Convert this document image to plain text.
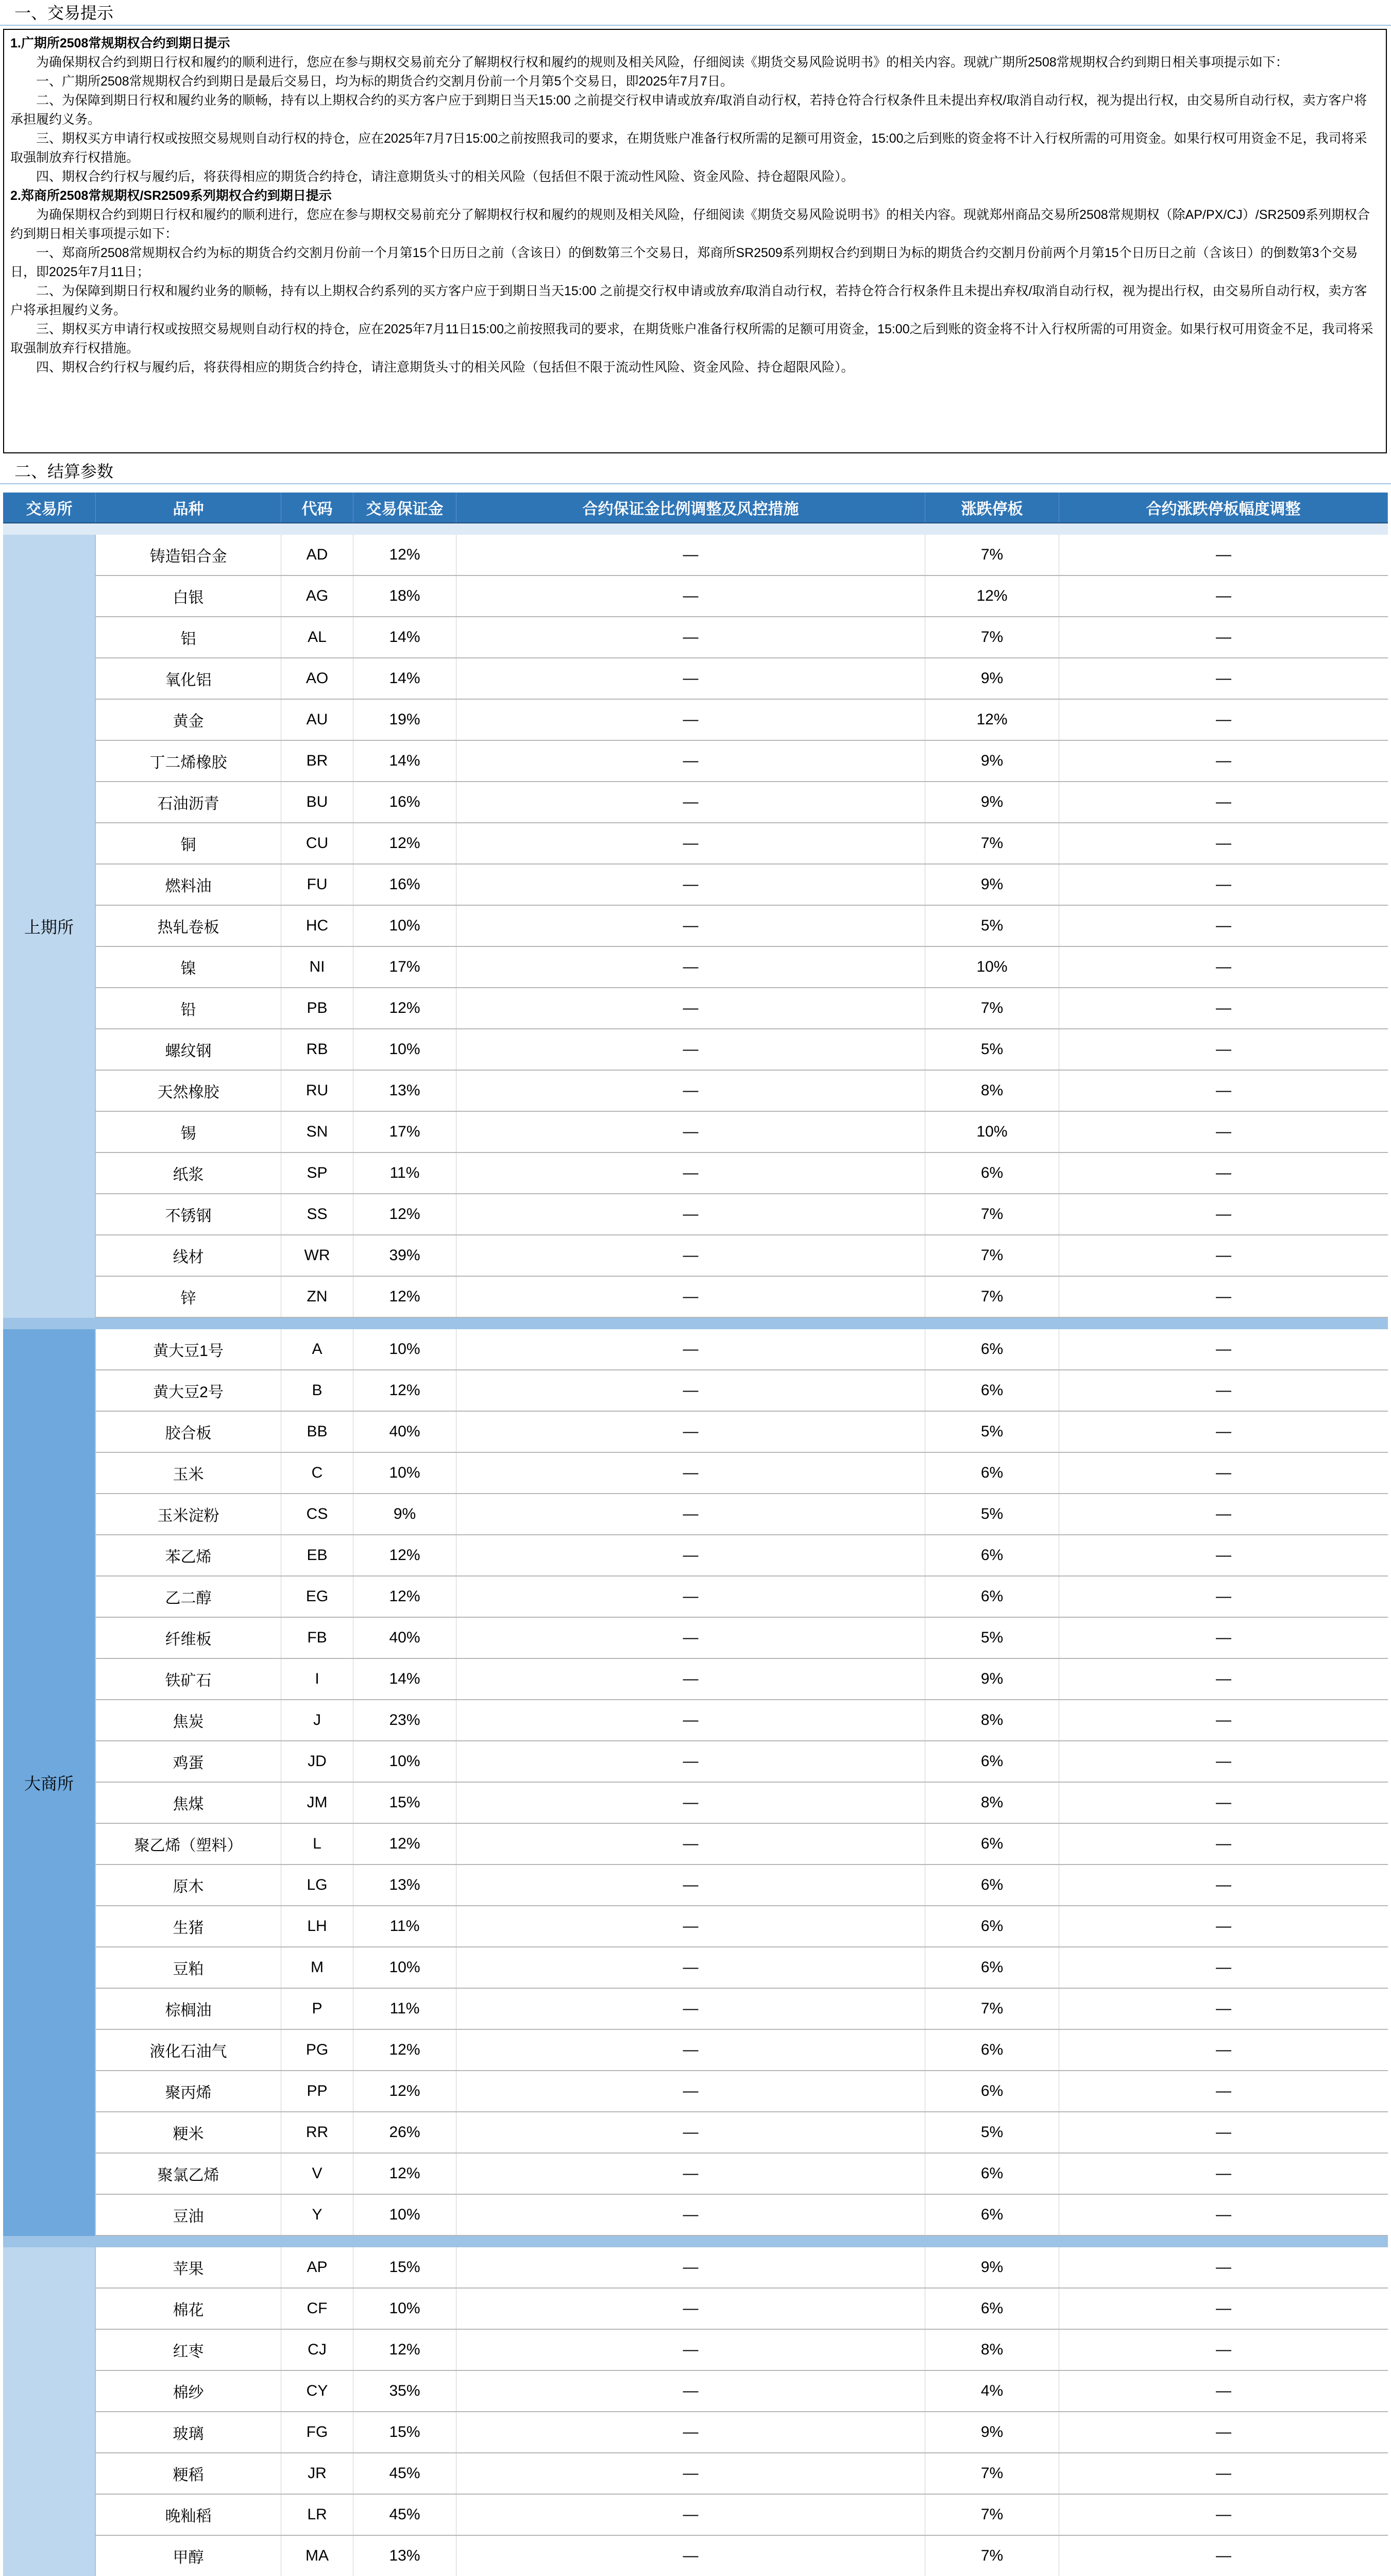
一、交易提示

1.广期所2508常规期权合约到期日提示

为确保期权合约到期日行权和履约的顺利进行，您应在参与期权交易前充分了解期权行权和履约的规则及相关风险，仔细阅读《期货交易风险说明书》的相关内容。现就广期所2508常规期权合约到期日相关事项提示如下：

一、广期所2508常规期权合约到期日是最后交易日，均为标的期货合约交割月份前一个月第5个交易日，即2025年7月7日。

二、为保障到期日行权和履约业务的顺畅，持有以上期权合约的买方客户应于到期日当天15:00 之前提交行权申请或放弃/取消自动行权，若持仓符合行权条件且未提出弃权/取消自动行权，视为提出行权，由交易所自动行权，卖方客户将承担履约义务。

三、期权买方申请行权或按照交易规则自动行权的持仓，应在2025年7月7日15:00之前按照我司的要求，在期货账户准备行权所需的足额可用资金，15:00之后到账的资金将不计入行权所需的可用资金。如果行权可用资金不足，我司将采取强制放弃行权措施。

四、期权合约行权与履约后，将获得相应的期货合约持仓，请注意期货头寸的相关风险（包括但不限于流动性风险、资金风险、持仓超限风险）。

2.郑商所2508常规期权/SR2509系列期权合约到期日提示

为确保期权合约到期日行权和履约的顺利进行，您应在参与期权交易前充分了解期权行权和履约的规则及相关风险，仔细阅读《期货交易风险说明书》的相关内容。现就郑州商品交易所2508常规期权（除AP/PX/CJ）/SR2509系列期权合约到期日相关事项提示如下：

一、郑商所2508常规期权合约为标的期货合约交割月份前一个月第15个日历日之前（含该日）的倒数第三个交易日，郑商所SR2509系列期权合约到期日为标的期货合约交割月份前两个月第15个日历日之前（含该日）的倒数第3个交易日，即2025年7月11日；

二、为保障到期日行权和履约业务的顺畅，持有以上期权合约系列的买方客户应于到期日当天15:00 之前提交行权申请或放弃/取消自动行权，若持仓符合行权条件且未提出弃权/取消自动行权，视为提出行权，由交易所自动行权，卖方客户将承担履约义务。

三、期权买方申请行权或按照交易规则自动行权的持仓，应在2025年7月11日15:00之前按照我司的要求，在期货账户准备行权所需的足额可用资金，15:00之后到账的资金将不计入行权所需的可用资金。如果行权可用资金不足，我司将采取强制放弃行权措施。

四、期权合约行权与履约后，将获得相应的期货合约持仓，请注意期货头寸的相关风险（包括但不限于流动性风险、资金风险、持仓超限风险）。

二、结算参数
交易所	品种	代码	交易保证金	合约保证金比例调整及风控措施	涨跌停板	合约涨跌停板幅度调整
上期所
铸造铝合金	AD	12%	—	7%	—
白银	AG	18%	—	12%	—
铝	AL	14%	—	7%	—
氧化铝	AO	14%	—	9%	—
黄金	AU	19%	—	12%	—
丁二烯橡胶	BR	14%	—	9%	—
石油沥青	BU	16%	—	9%	—
铜	CU	12%	—	7%	—
燃料油	FU	16%	—	9%	—
热轧卷板	HC	10%	—	5%	—
镍	NI	17%	—	10%	—
铅	PB	12%	—	7%	—
螺纹钢	RB	10%	—	5%	—
天然橡胶	RU	13%	—	8%	—
锡	SN	17%	—	10%	—
纸浆	SP	11%	—	6%	—
不锈钢	SS	12%	—	7%	—
线材	WR	39%	—	7%	—
锌	ZN	12%	—	7%	—
大商所
黄大豆1号	A	10%	—	6%	—
黄大豆2号	B	12%	—	6%	—
胶合板	BB	40%	—	5%	—
玉米	C	10%	—	6%	—
玉米淀粉	CS	9%	—	5%	—
苯乙烯	EB	12%	—	6%	—
乙二醇	EG	12%	—	6%	—
纤维板	FB	40%	—	5%	—
铁矿石	I	14%	—	9%	—
焦炭	J	23%	—	8%	—
鸡蛋	JD	10%	—	6%	—
焦煤	JM	15%	—	8%	—
聚乙烯（塑料）	L	12%	—	6%	—
原木	LG	13%	—	6%	—
生猪	LH	11%	—	6%	—
豆粕	M	10%	—	6%	—
棕榈油	P	11%	—	7%	—
液化石油气	PG	12%	—	6%	—
聚丙烯	PP	12%	—	6%	—
粳米	RR	26%	—	5%	—
聚氯乙烯	V	12%	—	6%	—
豆油	Y	10%	—	6%	—
苹果	AP	15%	—	9%	—
棉花	CF	10%	—	6%	—
红枣	CJ	12%	—	8%	—
棉纱	CY	35%	—	4%	—
玻璃	FG	15%	—	9%	—
粳稻	JR	45%	—	7%	—
晚籼稻	LR	45%	—	7%	—
甲醇	MA	13%	—	7%	—
